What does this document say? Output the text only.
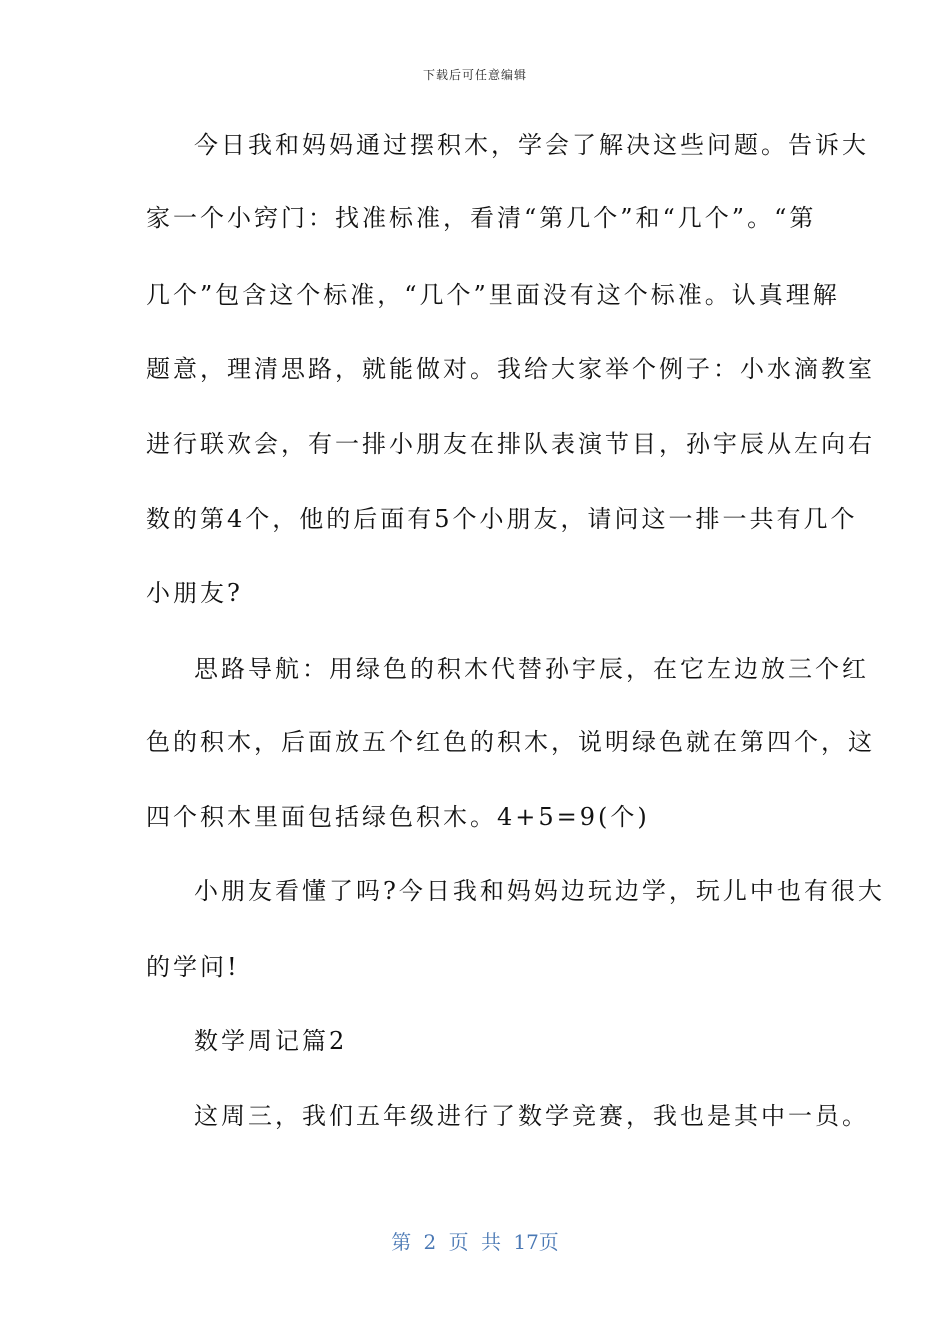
下载后可任意编辑
今日我和妈妈通过摆积木，学会了解决这些问题。告诉大
家一个小窍门：找准标准，看清“第几个”和“几个”。“第
几个”包含这个标准，“几个”里面没有这个标准。认真理解
题意，理清思路，就能做对。我给大家举个例子：小水滴教室
进行联欢会，有一排小朋友在排队表演节目，孙宇辰从左向右
数的第4个，他的后面有5个小朋友，请问这一排一共有几个
小朋友?
思路导航：用绿色的积木代替孙宇辰，在它左边放三个红
色的积木，后面放五个红色的积木，说明绿色就在第四个，这
四个积木里面包括绿色积木。4+5=9(个)
小朋友看懂了吗?今日我和妈妈边玩边学，玩儿中也有很大
的学问!
数学周记篇2
这周三，我们五年级进行了数学竞赛，我也是其中一员。
第 2 页 共 17页
